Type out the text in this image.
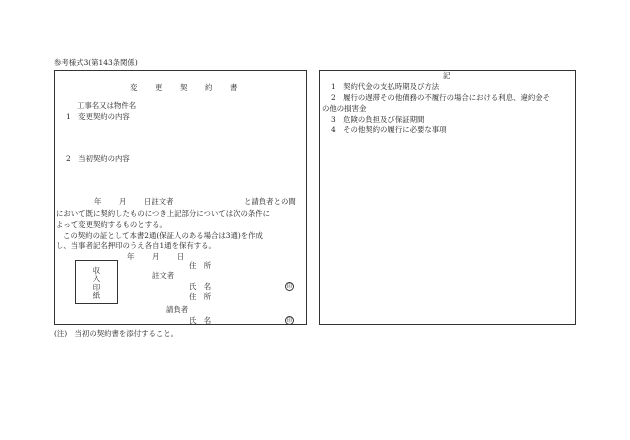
参考様式3(第143条関係)
変 更 契 約 書
工事名又は物件名
1　変更契約の内容
2　当初契約の内容
年 月 日註文者	と請負者との間
において既に契約したものにつき上記部分については次の条件に
よって変更契約するものとする。
この契約の証として本書2通(保証人のある場合は3通)を作成
し、当事者記名押印のうえ各自1通を保有する。
年 月 日
収
入
印
紙
住　所
註文者
氏　名	印
住　所
請負者
氏　名	印
記
1　契約代金の支払時期及び方法
2　履行の遅滞その他債務の不履行の場合における利息、違約金そ
の他の損害金
3　危険の負担及び保証期間
4　その他契約の履行に必要な事項
(注)　当初の契約書を添付すること。
